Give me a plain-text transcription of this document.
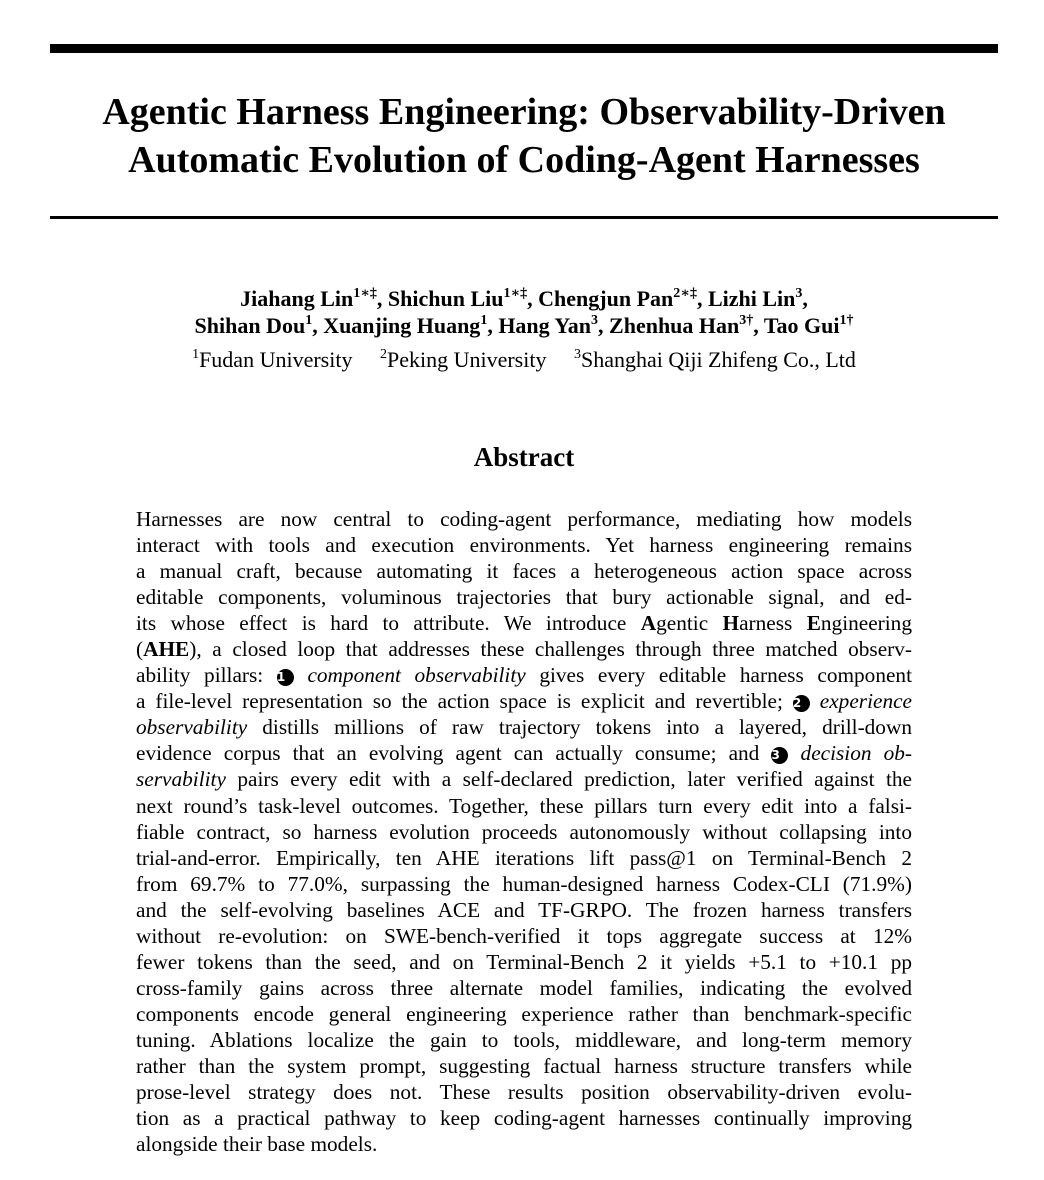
Agentic Harness Engineering: Observability-Driven
Automatic Evolution of Coding-Agent Harnesses
Jiahang Lin$^{1∗\ddagger}$, Shichun Liu$^{1∗\ddagger}$, Chengjun Pan$^{2∗\ddagger}$, Lizhi Lin$^3$,
Shihan Dou$^1$, Xuanjing Huang$^1$, Hang Yan$^3$, Zhenhua Han$^{3\dagger}$, Tao Gui$^{1\dagger}$
$^1$Fudan University $^2$Peking University $^3$Shanghai Qiji Zhifeng Co., Ltd
Abstract
Harnesses are now central to coding-agent performance, mediating how models
interact with tools and execution environments. Yet harness engineering remains
a manual craft, because automating it faces a heterogeneous action space across
editable components, voluminous trajectories that bury actionable signal, and ed-
its whose effect is hard to attribute. We introduce Agentic Harness Engineering
(AHE), a closed loop that addresses these challenges through three matched observ-
ability pillars: 1 component observability gives every editable harness component
a file-level representation so the action space is explicit and revertible; 2 experience
observability distills millions of raw trajectory tokens into a layered, drill-down
evidence corpus that an evolving agent can actually consume; and 3 decision ob-
servability pairs every edit with a self-declared prediction, later verified against the
next round’s task-level outcomes. Together, these pillars turn every edit into a falsi-
fiable contract, so harness evolution proceeds autonomously without collapsing into
trial-and-error. Empirically, ten AHE iterations lift pass@1 on Terminal-Bench 2
from 69.7% to 77.0%, surpassing the human-designed harness Codex-CLI (71.9%)
and the self-evolving baselines ACE and TF-GRPO. The frozen harness transfers
without re-evolution: on SWE-bench-verified it tops aggregate success at 12%
fewer tokens than the seed, and on Terminal-Bench 2 it yields +5.1 to +10.1 pp
cross-family gains across three alternate model families, indicating the evolved
components encode general engineering experience rather than benchmark-specific
tuning. Ablations localize the gain to tools, middleware, and long-term memory
rather than the system prompt, suggesting factual harness structure transfers while
prose-level strategy does not. These results position observability-driven evolu-
tion as a practical pathway to keep coding-agent harnesses continually improving
alongside their base models.
